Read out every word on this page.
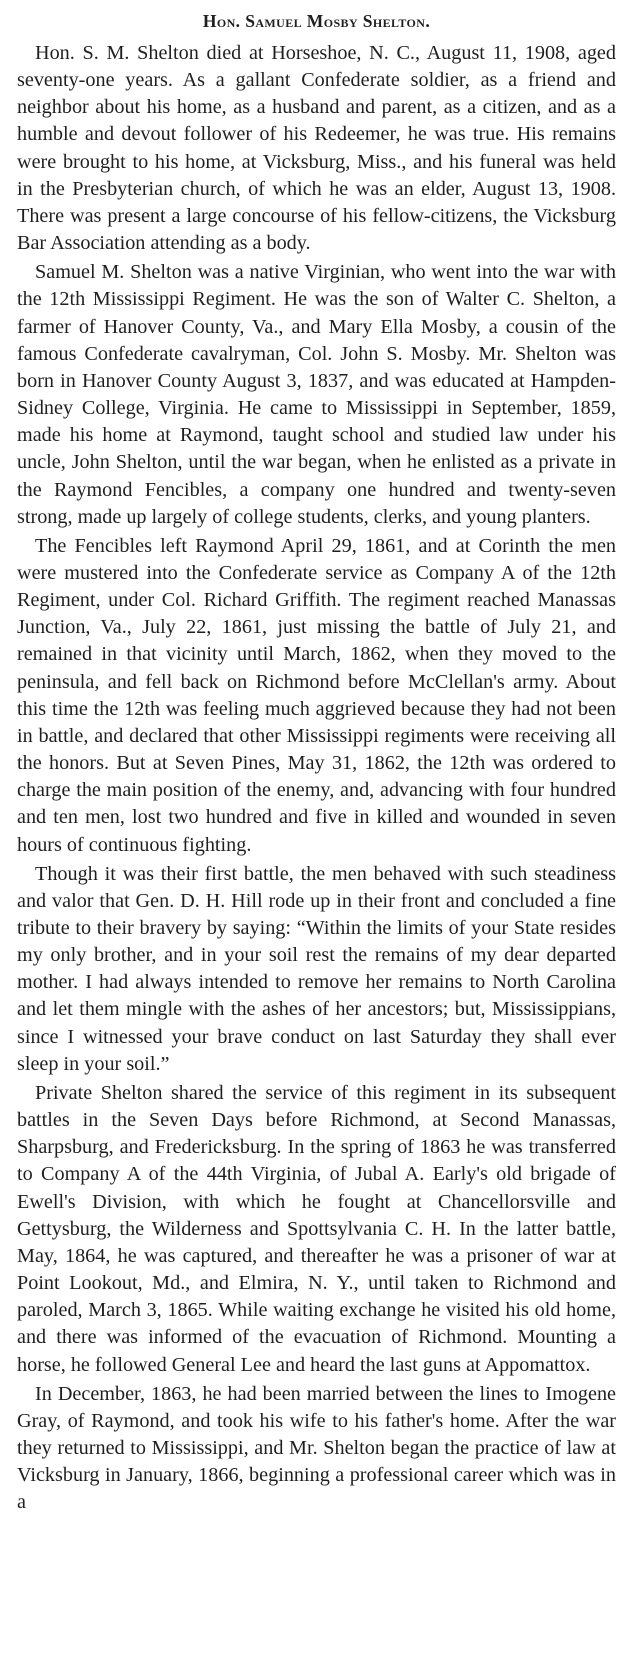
Hon. Samuel Mosby Shelton.

Hon. S. M. Shelton died at Horseshoe, N. C., August 11, 1908, aged seventy-one years. As a gallant Confederate soldier, as a friend and neighbor about his home, as a husband and parent, as a citizen, and as a humble and devout follower of his Redeemer, he was true. His remains were brought to his home, at Vicksburg, Miss., and his funeral was held in the Presbyterian church, of which he was an elder, August 13, 1908. There was present a large concourse of his fellow-citizens, the Vicksburg Bar Association attending as a body.

Samuel M. Shelton was a native Virginian, who went into the war with the 12th Mississippi Regiment. He was the son of Walter C. Shelton, a farmer of Hanover County, Va., and Mary Ella Mosby, a cousin of the famous Confederate cavalryman, Col. John S. Mosby. Mr. Shelton was born in Hanover County August 3, 1837, and was educated at Hampden-Sidney College, Virginia. He came to Mississippi in September, 1859, made his home at Raymond, taught school and studied law under his uncle, John Shelton, until the war began, when he enlisted as a private in the Raymond Fencibles, a company one hundred and twenty-seven strong, made up largely of college students, clerks, and young planters.

The Fencibles left Raymond April 29, 1861, and at Corinth the men were mustered into the Confederate service as Company A of the 12th Regiment, under Col. Richard Griffith. The regiment reached Manassas Junction, Va., July 22, 1861, just missing the battle of July 21, and remained in that vicinity until March, 1862, when they moved to the peninsula, and fell back on Richmond before McClellan's army. About this time the 12th was feeling much aggrieved because they had not been in battle, and declared that other Mississippi regiments were receiving all the honors. But at Seven Pines, May 31, 1862, the 12th was ordered to charge the main position of the enemy, and, advancing with four hundred and ten men, lost two hundred and five in killed and wounded in seven hours of continuous fighting.

Though it was their first battle, the men behaved with such steadiness and valor that Gen. D. H. Hill rode up in their front and concluded a fine tribute to their bravery by saying: “Within the limits of your State resides my only brother, and in your soil rest the remains of my dear departed mother. I had always intended to remove her remains to North Carolina and let them mingle with the ashes of her ancestors; but, Mississippians, since I witnessed your brave conduct on last Saturday they shall ever sleep in your soil.”

Private Shelton shared the service of this regiment in its subsequent battles in the Seven Days before Richmond, at Second Manassas, Sharpsburg, and Fredericksburg. In the spring of 1863 he was transferred to Company A of the 44th Virginia, of Jubal A. Early's old brigade of Ewell's Division, with which he fought at Chancellorsville and Gettysburg, the Wilderness and Spottsylvania C. H. In the latter battle, May, 1864, he was captured, and thereafter he was a prisoner of war at Point Lookout, Md., and Elmira, N. Y., until taken to Richmond and paroled, March 3, 1865. While waiting exchange he visited his old home, and there was informed of the evacuation of Richmond. Mounting a horse, he followed General Lee and heard the last guns at Appomattox.

In December, 1863, he had been married between the lines to Imogene Gray, of Raymond, and took his wife to his father's home. After the war they returned to Mississippi, and Mr. Shelton began the practice of law at Vicksburg in January, 1866, beginning a professional career which was in a
